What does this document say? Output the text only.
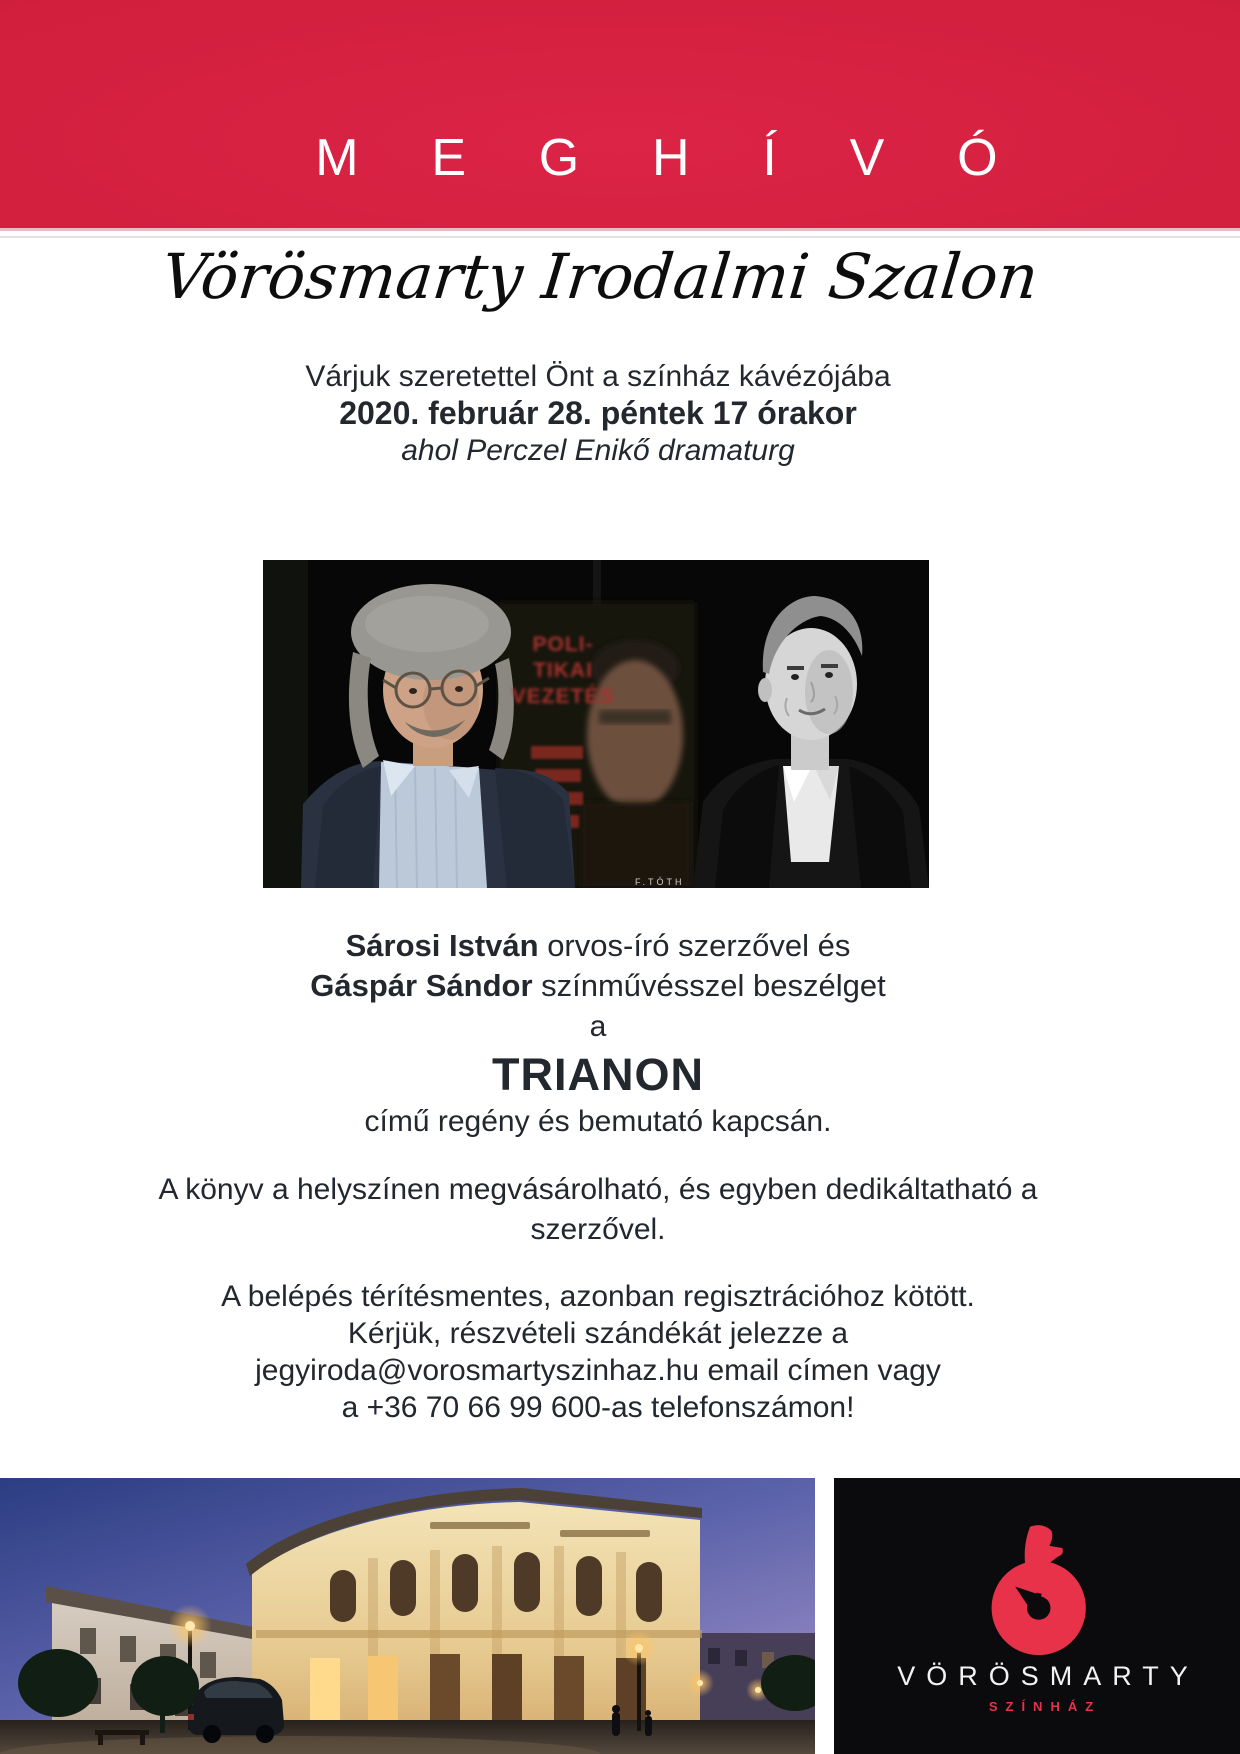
MEGHÍVÓ
Vörösmarty Irodalmi Szalon
Várjuk szeretettel Önt a színház kávézójába
2020. február 28. péntek 17 órakor
ahol Perczel Enikő dramaturg
POLI-
TIKAI
VEZETÉS
F.TÓTH
Sárosi István orvos-író szerzővel és
Gáspár Sándor színművésszel beszélget
a
TRIANON
című regény és bemutató kapcsán.
A könyv a helyszínen megvásárolható, és egyben dedikáltatható a
szerzővel.
A belépés térítésmentes, azonban regisztrációhoz kötött.
Kérjük, részvételi szándékát jelezze a
jegyiroda@vorosmartyszinhaz.hu email címen vagy
a +36 70 66 99 600-as telefonszámon!
VÖRÖSMARTY
SZÍNHÁZ
